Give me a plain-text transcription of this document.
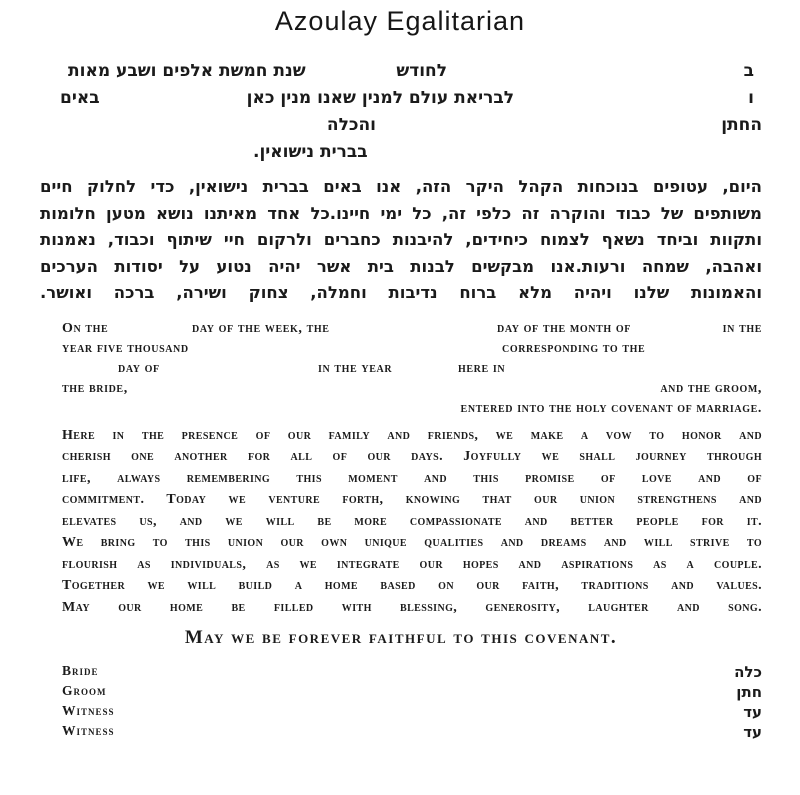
Azoulay Egalitarian
ב
לחודש
שנת חמשת אלפים ושבע מאות
ו
לבריאת עולם למנין שאנו מנין כאן
באים
החתן
והכלה
בברית נישואין.
היום, עטופים בנוכחות הקהל היקר הזה, אנו באים בברית נישואין, כדי לחלוק חיים
משותפים של כבוד והוקרה זה כלפי זה, כל ימי חיינו.כל אחד מאיתנו נושא מטען חלומות
ותקוות וביחד נשאף לצמוח כיחידים, להיבנות כחברים ולרקום חיי שיתוף וכבוד, נאמנות
ואהבה, שמחה ורעות.אנו מבקשים לבנות בית אשר יהיה נטוע על יסודות הערכים
והאמונות שלנו ויהיה מלא ברוח נדיבות וחמלה, צחוק ושירה, ברכה ואושר.
On the	day of the week, the	day of the month of	in the
year five thousand	corresponding to the
day of	in the year	here in
the bride,	and the groom,
entered into the holy covenant of marriage.
Here in the presence of our family and friends, we make a vow to honor and
cherish one another for all of our days. Joyfully we shall journey through
life, always remembering this moment and this promise of love and of
commitment. Today we venture forth, knowing that our union strengthens and
elevates us, and we will be more compassionate and better people for it.
We bring to this union our own unique qualities and dreams and will strive to
flourish as individuals, as we integrate our hopes and aspirations as a couple.
Together we will build a home based on our faith, traditions and values.
May our home be filled with blessing, generosity, laughter and song.
May we be forever faithful to this covenant.
Bride	כלה
Groom	חתן
Witness	עד
Witness	עד
